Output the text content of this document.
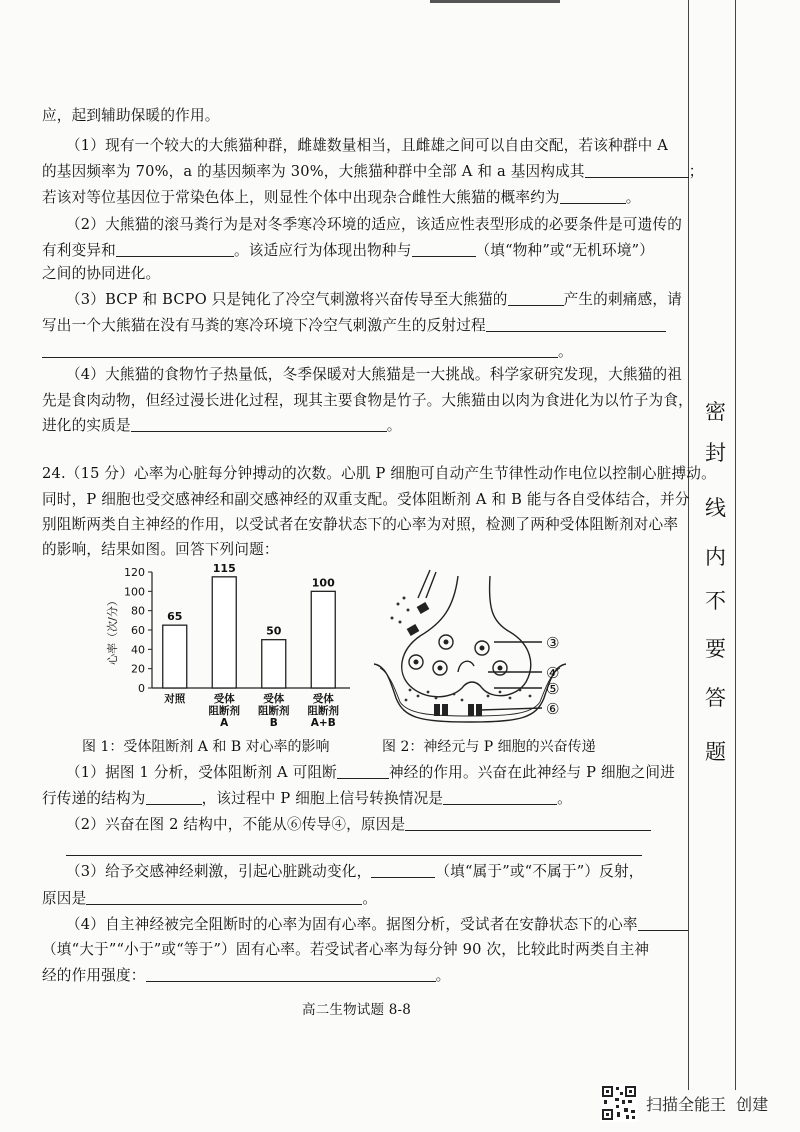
密
封
线
内
不
要
答
题
应，起到辅助保暖的作用。
（1）现有一个较大的大熊猫种群，雌雄数量相当，且雌雄之间可以自由交配，若该种群中 A
的基因频率为 70%，a 的基因频率为 30%，大熊猫种群中全部 A 和 a 基因构成其	；
若该对等位基因位于常染色体上，则显性个体中出现杂合雌性大熊猫的概率约为	。
（2）大熊猫的滚马粪行为是对冬季寒冷环境的适应，该适应性表型形成的必要条件是可遗传的
有利变异和	。该适应行为体现出物种与	（填“物种”或“无机环境”）
之间的协同进化。
（3）BCP 和 BCPO 只是钝化了冷空气刺激将兴奋传导至大熊猫的	产生的刺痛感，请
写出一个大熊猫在没有马粪的寒冷环境下冷空气刺激产生的反射过程
。
（4）大熊猫的食物竹子热量低，冬季保暖对大熊猫是一大挑战。科学家研究发现，大熊猫的祖
先是食肉动物，但经过漫长进化过程，现其主要食物是竹子。大熊猫由以肉为食进化为以竹子为食，
进化的实质是	。
24.（15 分）心率为心脏每分钟搏动的次数。心肌 P 细胞可自动产生节律性动作电位以控制心脏搏动。
同时，P 细胞也受交感神经和副交感神经的双重支配。受体阻断剂 A 和 B 能与各自受体结合，并分
别阻断两类自主神经的作用，以受试者在安静状态下的心率为对照，检测了两种受体阻断剂对心率
的影响，结果如图。回答下列问题：
0
20
40
60
80
100
120
心率（次/分）	65
对照
115
受体
阻断剂
A
50
受体
阻断剂
B
100
受体
阻断剂
A+B
③
④
⑤
⑥
图 1：受体阻断剂 A 和 B 对心率的影响	图 2：神经元与 P 细胞的兴奋传递
（1）据图 1 分析，受体阻断剂 A 可阻断	神经的作用。兴奋在此神经与 P 细胞之间进
行传递的结构为	，该过程中 P 细胞上信号转换情况是	。
（2）兴奋在图 2 结构中，不能从⑥传导④，原因是
（3）给予交感神经刺激，引起心脏跳动变化，	（填“属于”或“不属于”）反射，
原因是	。
（4）自主神经被完全阻断时的心率为固有心率。据图分析，受试者在安静状态下的心率
（填“大于”“小于”或“等于”）固有心率。若受试者心率为每分钟 90 次，比较此时两类自主神
经的作用强度：	。
高二生物试题 8-8
扫描全能王  创建
